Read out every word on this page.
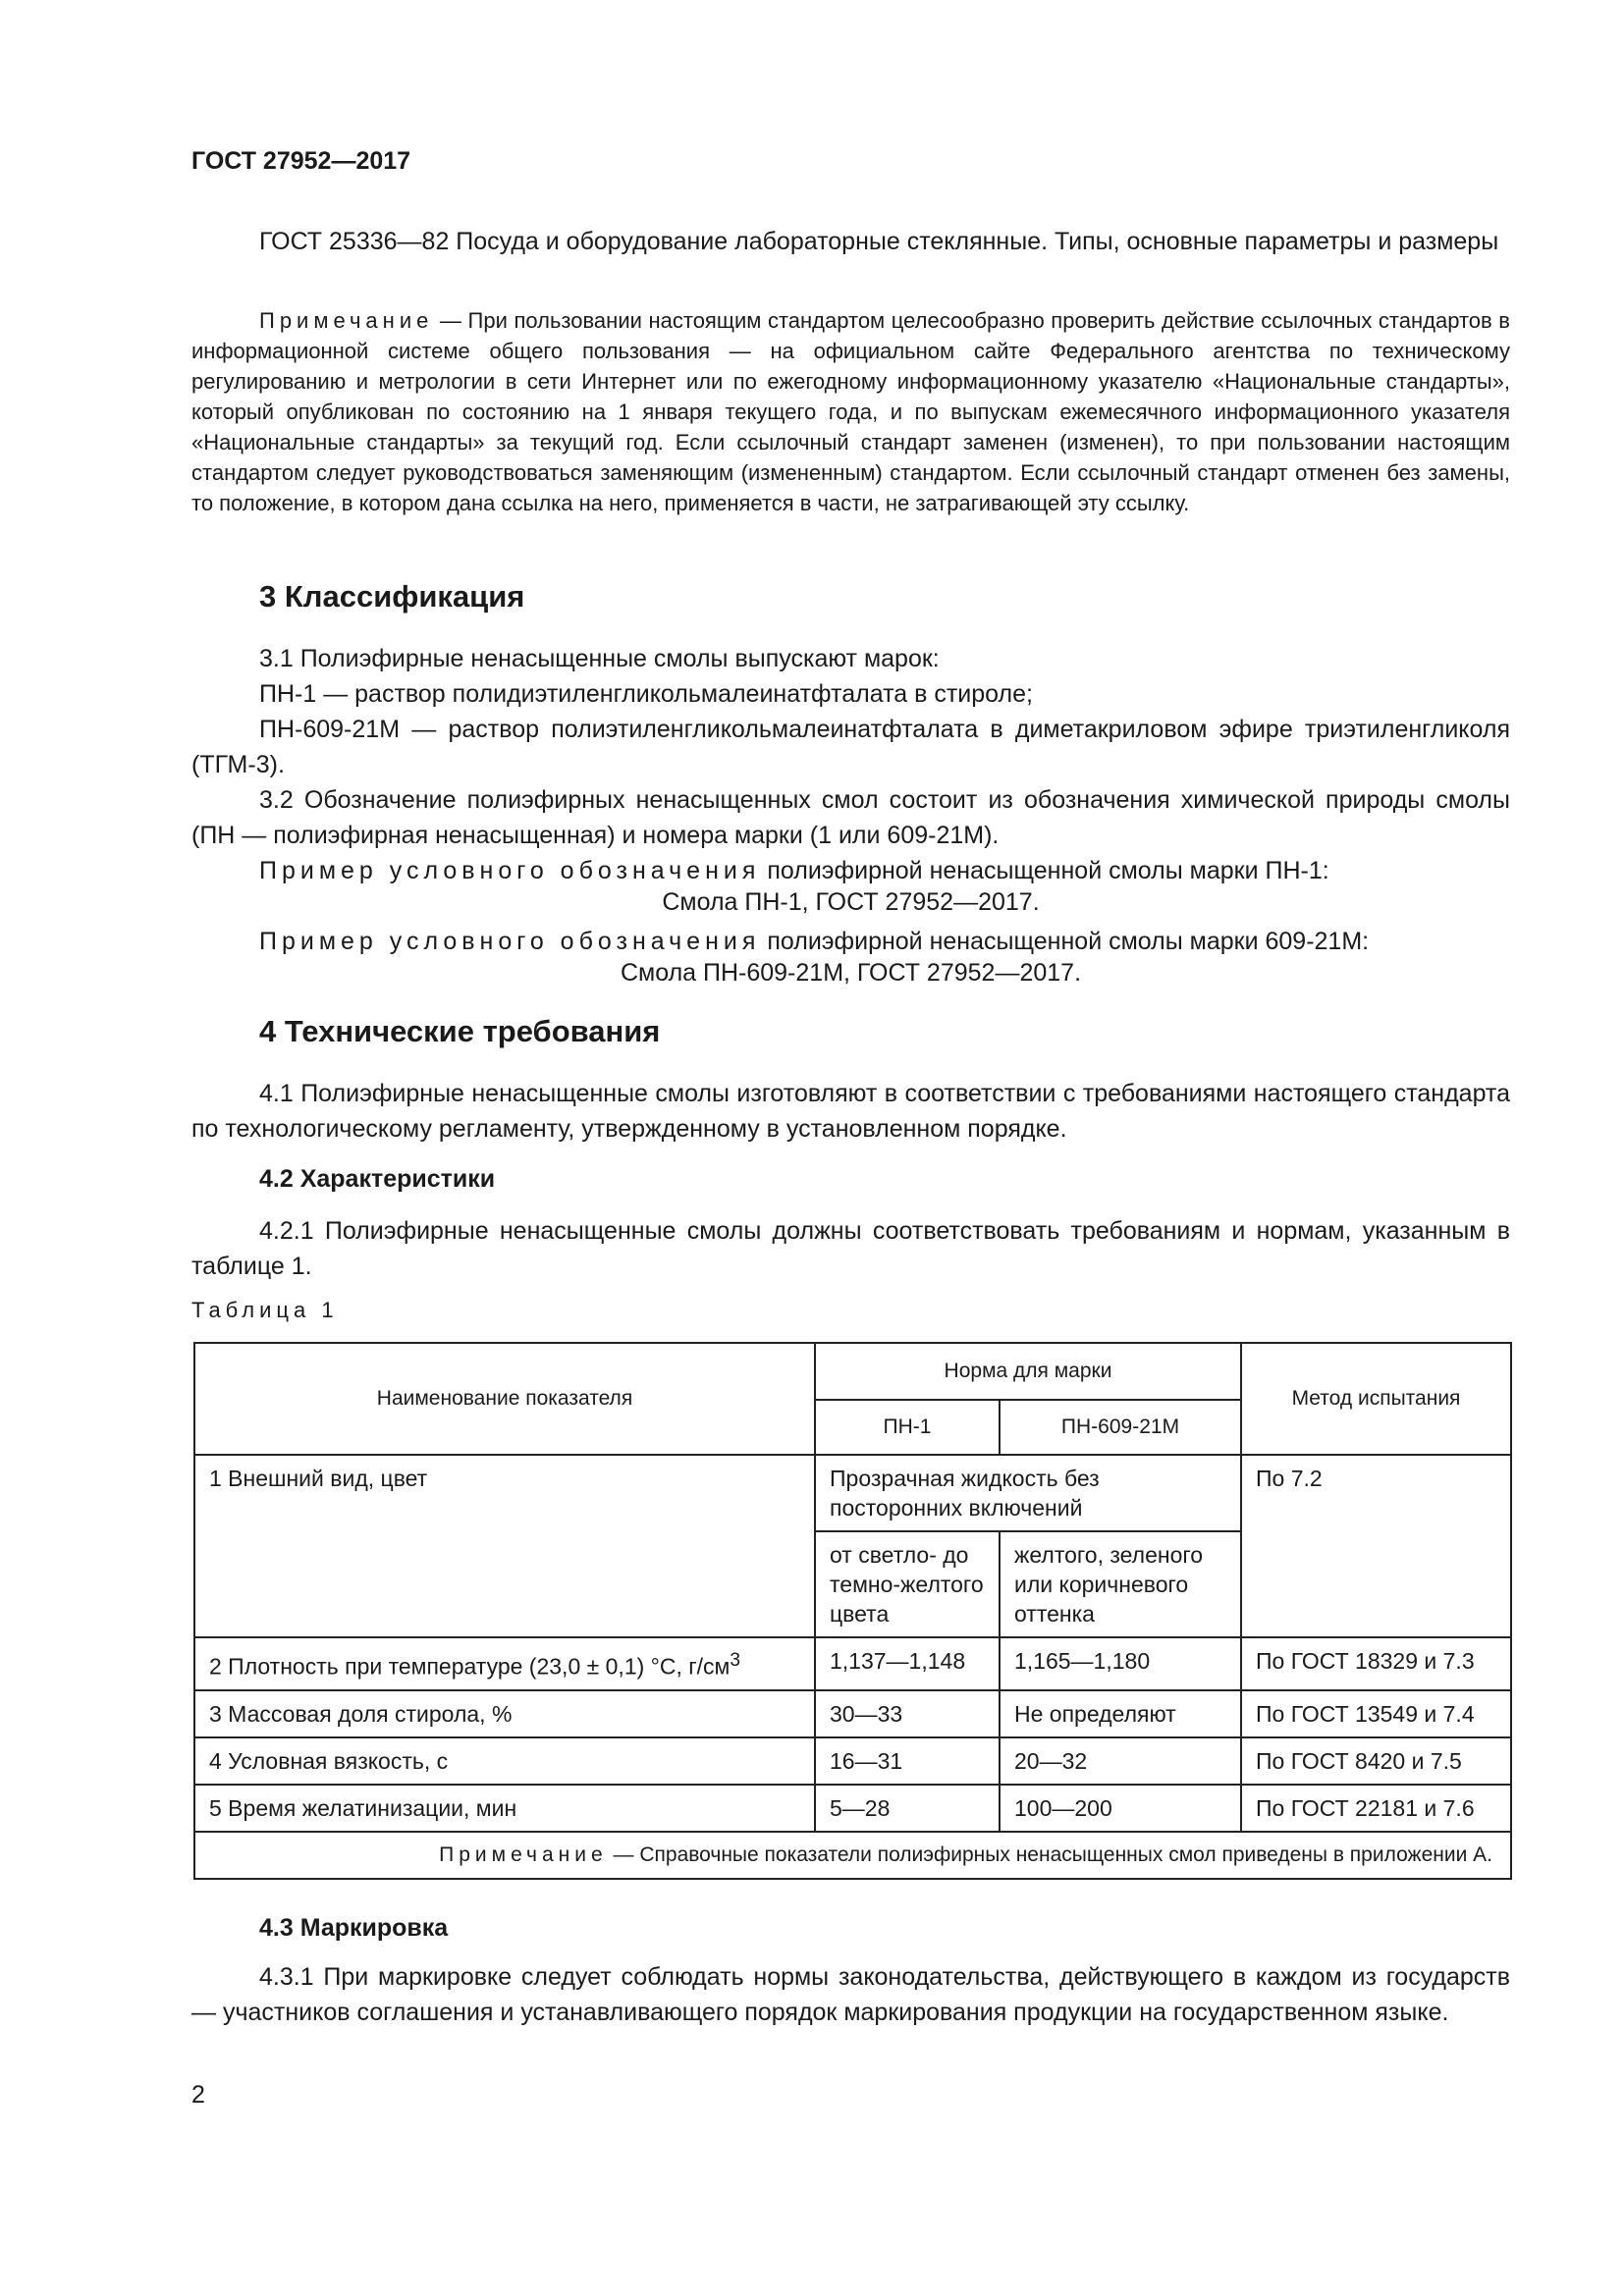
ГОСТ 27952—2017

ГОСТ 25336—82 Посуда и оборудование лабораторные стеклянные. Типы, основные параметры и размеры

Примечание — При пользовании настоящим стандартом целесообразно проверить действие ссылочных стандартов в информационной системе общего пользования — на официальном сайте Федерального агентства по техническому регулированию и метрологии в сети Интернет или по ежегодному информационному указателю «Национальные стандарты», который опубликован по состоянию на 1 января текущего года, и по выпускам ежемесячного информационного указателя «Национальные стандарты» за текущий год. Если ссылочный стандарт заменен (изменен), то при пользовании настоящим стандартом следует руководствоваться заменяющим (измененным) стандартом. Если ссылочный стандарт отменен без замены, то положение, в котором дана ссылка на него, применяется в части, не затрагивающей эту ссылку.

3 Классификация
3.1 Полиэфирные ненасыщенные смолы выпускают марок:
ПН-1 — раствор полидиэтиленгликольмалеинатфталата в стироле;

ПН-609-21М — раствор полиэтиленгликольмалеинатфталата в диметакриловом эфире триэтиленгликоля (ТГМ-3).

3.2 Обозначение полиэфирных ненасыщенных смол состоит из обозначения химической природы смолы (ПН — полиэфирная ненасыщенная) и номера марки (1 или 609-21М).

Пример условного обозначения полиэфирной ненасыщенной смолы марки ПН-1:
Смола ПН-1, ГОСТ 27952—2017.
Пример условного обозначения полиэфирной ненасыщенной смолы марки 609-21М:
Смола ПН-609-21М, ГОСТ 27952—2017.
4 Технические требования

4.1 Полиэфирные ненасыщенные смолы изготовляют в соответствии с требованиями настоящего стандарта по технологическому регламенту, утвержденному в установленном порядке.

4.2 Характеристики

4.2.1 Полиэфирные ненасыщенные смолы должны соответствовать требованиям и нормам, указанным в таблице 1.

Таблица 1
Наименование показателя	Норма для марки		Метод испытания
	ПН-1	ПН-609-21М	
1 Внешний вид, цвет	Прозрачная жидкость без посторонних включений		По 7.2
	от светло- до темно-желтого цвета	желтого, зеленого или коричневого оттенка	
2 Плотность при температуре (23,0 ± 0,1) °С, $г/см^3$	1,137—1,148	1,165—1,180	По ГОСТ 18329 и 7.3
3 Массовая доля стирола, %	30—33	Не определяют	По ГОСТ 13549 и 7.4
4 Условная вязкость, с	16—31	20—32	По ГОСТ 8420 и 7.5
5 Время желатинизации, мин	5—28	100—200	По ГОСТ 22181 и 7.6
Примечание — Справочные показатели полиэфирных ненасыщенных смол приведены в приложении А.			
4.3 Маркировка

4.3.1 При маркировке следует соблюдать нормы законодательства, действующего в каждом из государств — участников соглашения и устанавливающего порядок маркирования продукции на государственном языке.

2
